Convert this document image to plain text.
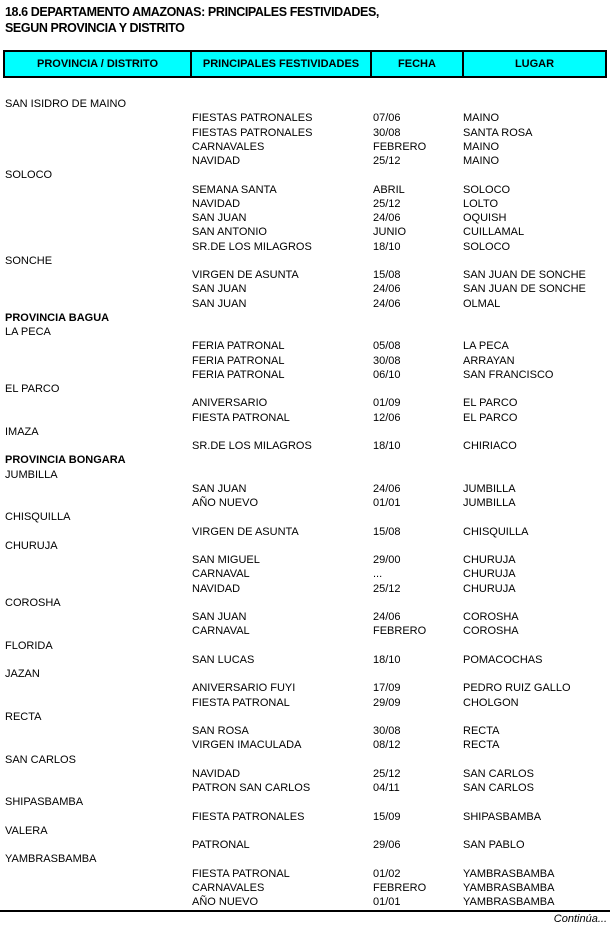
18.6 DEPARTAMENTO AMAZONAS: PRINCIPALES FESTIVIDADES,
SEGUN PROVINCIA Y DISTRITO
PROVINCIA / DISTRITO	PRINCIPALES FESTIVIDADES	FECHA	LUGAR
SAN ISIDRO DE MAINO
FIESTAS PATRONALES	07/06	MAINO
FIESTAS PATRONALES	30/08	SANTA ROSA
CARNAVALES	FEBRERO	MAINO
NAVIDAD	25/12	MAINO
SOLOCO
SEMANA SANTA	ABRIL	SOLOCO
NAVIDAD	25/12	LOLTO
SAN JUAN	24/06	OQUISH
SAN ANTONIO	JUNIO	CUILLAMAL
SR.DE LOS MILAGROS	18/10	SOLOCO
SONCHE
VIRGEN DE ASUNTA	15/08	SAN JUAN DE SONCHE
SAN JUAN	24/06	SAN JUAN DE SONCHE
SAN JUAN	24/06	OLMAL
PROVINCIA BAGUA
LA PECA
FERIA PATRONAL	05/08	LA PECA
FERIA PATRONAL	30/08	ARRAYAN
FERIA PATRONAL	06/10	SAN FRANCISCO
EL PARCO
ANIVERSARIO	01/09	EL PARCO
FIESTA PATRONAL	12/06	EL PARCO
IMAZA
SR.DE LOS MILAGROS	18/10	CHIRIACO
PROVINCIA BONGARA
JUMBILLA
SAN JUAN	24/06	JUMBILLA
AÑO NUEVO	01/01	JUMBILLA
CHISQUILLA
VIRGEN DE ASUNTA	15/08	CHISQUILLA
CHURUJA
SAN MIGUEL	29/00	CHURUJA
CARNAVAL	...	CHURUJA
NAVIDAD	25/12	CHURUJA
COROSHA
SAN JUAN	24/06	COROSHA
CARNAVAL	FEBRERO	COROSHA
FLORIDA
SAN LUCAS	18/10	POMACOCHAS
JAZAN
ANIVERSARIO FUYI	17/09	PEDRO RUIZ GALLO
FIESTA PATRONAL	29/09	CHOLGON
RECTA
SAN ROSA	30/08	RECTA
VIRGEN IMACULADA	08/12	RECTA
SAN CARLOS
NAVIDAD	25/12	SAN CARLOS
PATRON SAN CARLOS	04/11	SAN CARLOS
SHIPASBAMBA
FIESTA PATRONALES	15/09	SHIPASBAMBA
VALERA
PATRONAL	29/06	SAN PABLO
YAMBRASBAMBA
FIESTA PATRONAL	01/02	YAMBRASBAMBA
CARNAVALES	FEBRERO	YAMBRASBAMBA
AÑO NUEVO	01/01	YAMBRASBAMBA
Continúa...
